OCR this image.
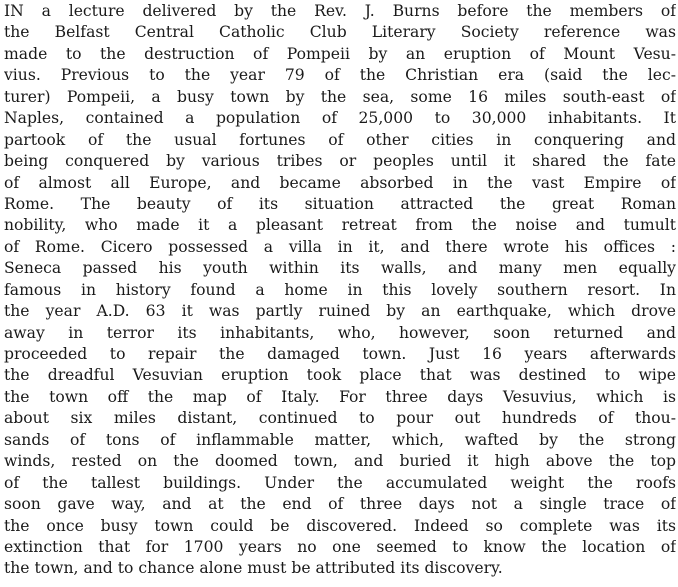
IN a lecture delivered by the Rev. J. Burns before the members of
the Belfast Central Catholic Club Literary Society reference was
made to the destruction of Pompeii by an eruption of Mount Vesu-
vius. Previous to the year 79 of the Christian era (said the lec-
turer) Pompeii, a busy town by the sea, some 16 miles south-east of
Naples, contained a population of 25,000 to 30,000 inhabitants. It
partook of the usual fortunes of other cities in conquering and
being conquered by various tribes or peoples until it shared the fate
of almost all Europe, and became absorbed in the vast Empire of
Rome. The beauty of its situation attracted the great Roman
nobility, who made it a pleasant retreat from the noise and tumult
of Rome. Cicero possessed a villa in it, and there wrote his offices :
Seneca passed his youth within its walls, and many men equally
famous in history found a home in this lovely southern resort. In
the year A.D. 63 it was partly ruined by an earthquake, which drove
away in terror its inhabitants, who, however, soon returned and
proceeded to repair the damaged town. Just 16 years afterwards
the dreadful Vesuvian eruption took place that was destined to wipe
the town off the map of Italy. For three days Vesuvius, which is
about six miles distant, continued to pour out hundreds of thou-
sands of tons of inflammable matter, which, wafted by the strong
winds, rested on the doomed town, and buried it high above the top
of the tallest buildings. Under the accumulated weight the roofs
soon gave way, and at the end of three days not a single trace of
the once busy town could be discovered. Indeed so complete was its
extinction that for 1700 years no one seemed to know the location of
the town, and to chance alone must be attributed its discovery.
